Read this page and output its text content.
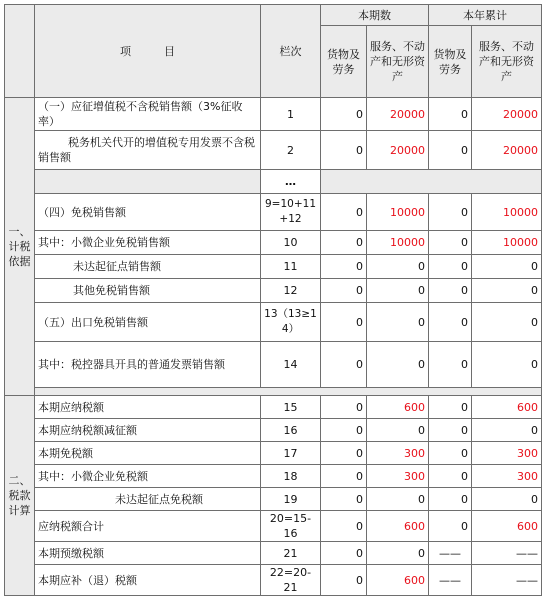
	项　　　目	栏次	本期数		本年累计	
			货物及劳务	服务、不动产和无形资产	货物及劳务	服务、不动产和无形资产

一、计税依据	（一）应征增值税不含税销售额（3%征收率）	1	0	20000	0	20000
	税务机关代开的增值税专用发票不含税销售额	2	0	20000	0	20000
		…				
	（四）免税销售额	9=10+11+12	0	10000	0	10000
	其中：小微企业免税销售额	10	0	10000	0	10000
	未达起征点销售额	11	0	0	0	0
	其他免税销售额	12	0	0	0	0
	（五）出口免税销售额	13（13≥14）	0	0	0	0
	其中：税控器具开具的普通发票销售额	14	0	0	0	0

二、税款计算	本期应纳税额	15	0	600	0	600
	本期应纳税额减征额	16	0	0	0	0
	本期免税额	17	0	300	0	300
	其中：小微企业免税额	18	0	300	0	300
	未达起征点免税额	19	0	0	0	0
	应纳税额合计	20=15-16	0	600	0	600
	本期预缴税额	21	0	0	——	——
	本期应补（退）税额	22=20-21	0	600	——	——
